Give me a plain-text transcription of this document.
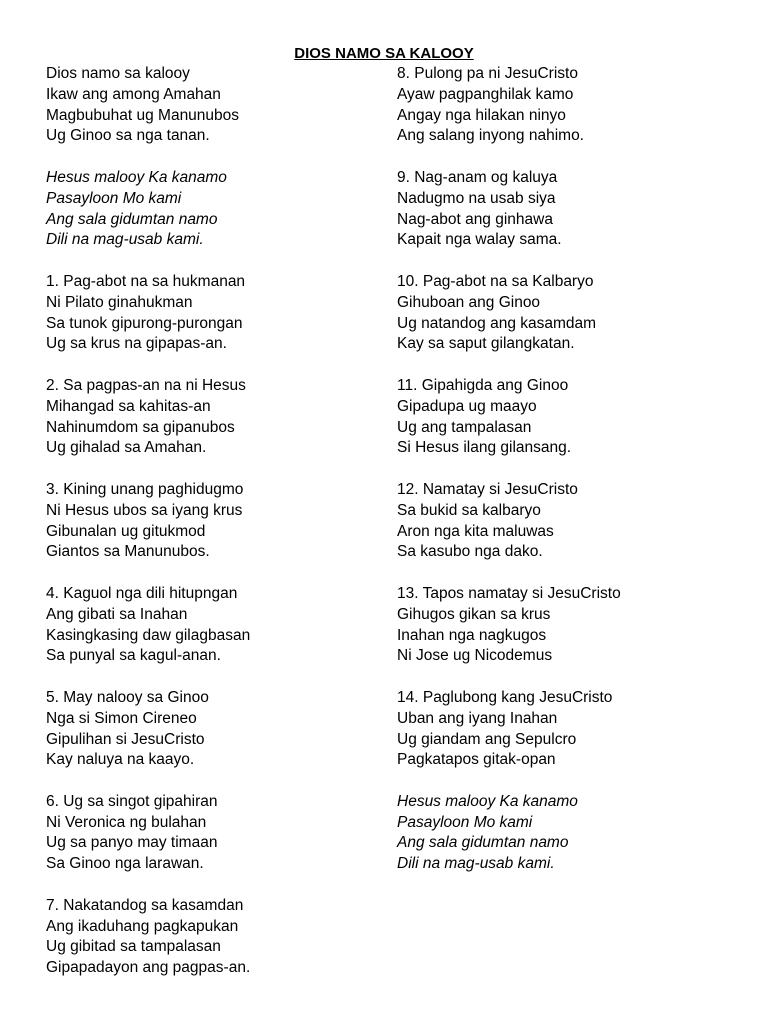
DIOS NAMO SA KALOOY
Dios namo sa kalooy
Ikaw ang among Amahan
Magbubuhat ug Manunubos
Ug Ginoo sa nga tanan.
Hesus malooy Ka kanamo
Pasayloon Mo kami
Ang sala gidumtan namo
Dili na mag-usab kami.
1. Pag-abot na sa hukmanan
Ni Pilato ginahukman
Sa tunok gipurong-purongan
Ug sa krus na gipapas-an.
2. Sa pagpas-an na ni Hesus
Mihangad sa kahitas-an
Nahinumdom sa gipanubos
Ug gihalad sa Amahan.
3. Kining unang paghidugmo
Ni Hesus ubos sa iyang krus
Gibunalan ug gitukmod
Giantos sa Manunubos.
4. Kaguol nga dili hitupngan
Ang gibati sa Inahan
Kasingkasing daw gilagbasan
Sa punyal sa kagul-anan.
5. May nalooy sa Ginoo
Nga si Simon Cireneo
Gipulihan si JesuCristo
Kay naluya na kaayo.
6. Ug sa singot gipahiran
Ni Veronica ng bulahan
Ug sa panyo may timaan
Sa Ginoo nga larawan.
7. Nakatandog sa kasamdan
Ang ikaduhang pagkapukan
Ug gibitad sa tampalasan
Gipapadayon ang pagpas-an.
8. Pulong pa ni JesuCristo
Ayaw pagpanghilak kamo
Angay nga hilakan ninyo
Ang salang inyong nahimo.
9. Nag-anam og kaluya
Nadugmo na usab siya
Nag-abot ang ginhawa
Kapait nga walay sama.
10. Pag-abot na sa Kalbaryo
Gihuboan ang Ginoo
Ug natandog ang kasamdam
Kay sa saput gilangkatan.
11. Gipahigda ang Ginoo
Gipadupa ug maayo
Ug ang tampalasan
Si Hesus ilang gilansang.
12. Namatay si JesuCristo
Sa bukid sa kalbaryo
Aron nga kita maluwas
Sa kasubo nga dako.
13. Tapos namatay si JesuCristo
Gihugos gikan sa krus
Inahan nga nagkugos
Ni Jose ug Nicodemus
14. Paglubong kang JesuCristo
Uban ang iyang Inahan
Ug giandam ang Sepulcro
Pagkatapos gitak-opan
Hesus malooy Ka kanamo
Pasayloon Mo kami
Ang sala gidumtan namo
Dili na mag-usab kami.
